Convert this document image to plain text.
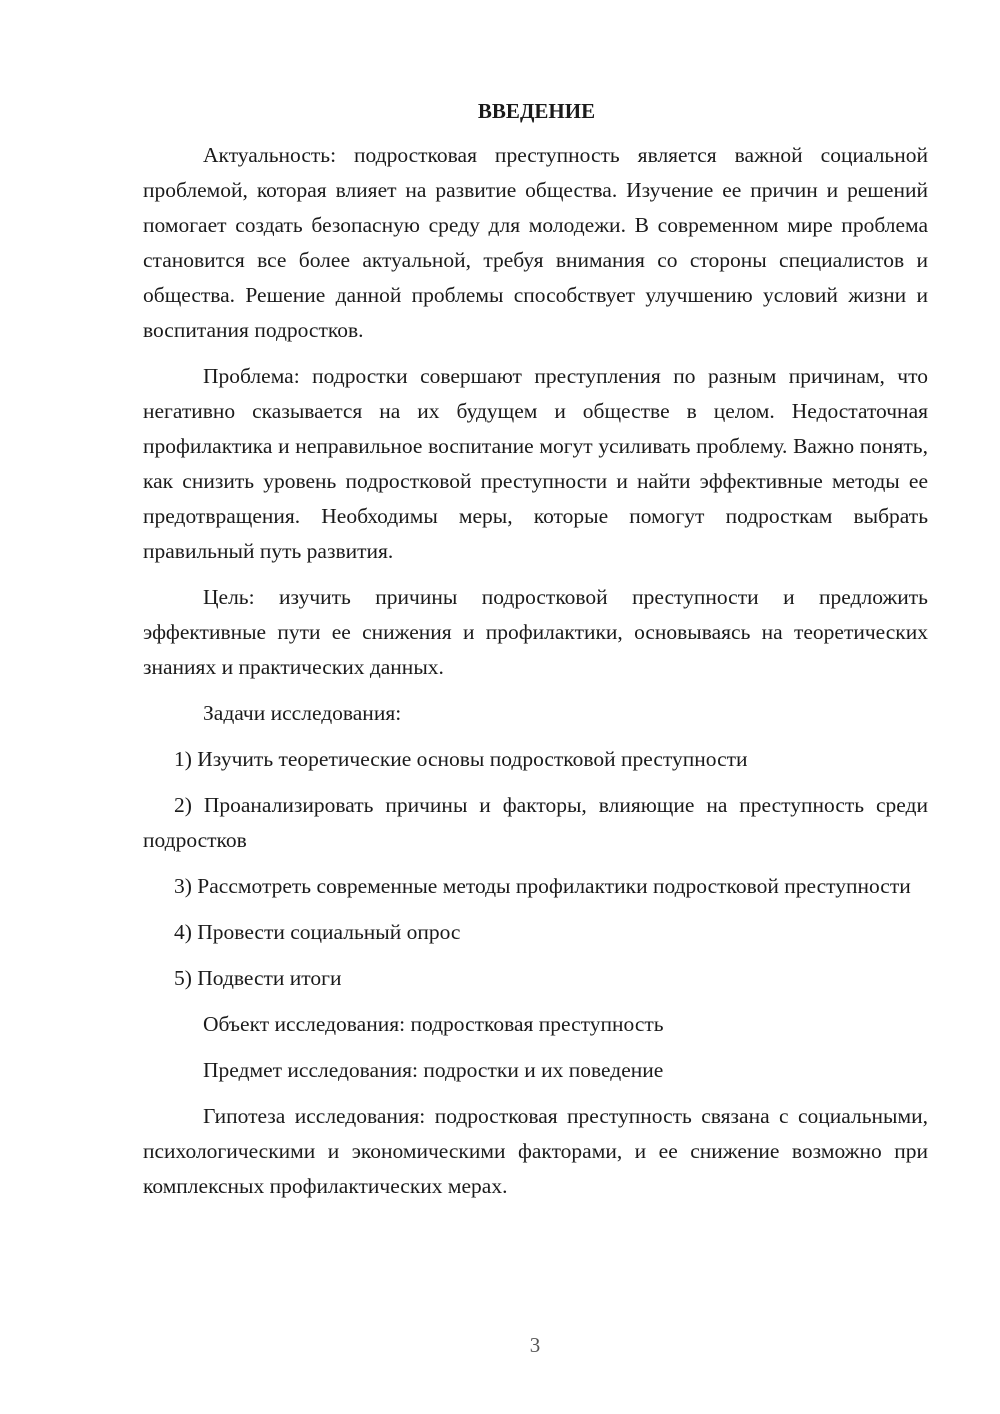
ВВЕДЕНИЕ

Актуальность: подростковая преступность является важной социальной проблемой, которая влияет на развитие общества. Изучение ее причин и решений помогает создать безопасную среду для молодежи. В современном мире проблема становится все более актуальной, требуя внимания со стороны специалистов и общества. Решение данной проблемы способствует улучшению условий жизни и воспитания подростков.

Проблема: подростки совершают преступления по разным причинам, что негативно сказывается на их будущем и обществе в целом. Недостаточная профилактика и неправильное воспитание могут усиливать проблему. Важно понять, как снизить уровень подростковой преступности и найти эффективные методы ее предотвращения. Необходимы меры, которые помогут подросткам выбрать правильный путь развития.

Цель: изучить причины подростковой преступности и предложить эффективные пути ее снижения и профилактики, основываясь на теоретических знаниях и практических данных.

Задачи исследования:

1) Изучить теоретические основы подростковой преступности

2) Проанализировать причины и факторы, влияющие на преступность среди подростков

3) Рассмотреть современные методы профилактики подростковой преступности

4) Провести социальный опрос

5) Подвести итоги

Объект исследования: подростковая преступность

Предмет исследования: подростки и их поведение

Гипотеза исследования: подростковая преступность связана с социальными, психологическими и экономическими факторами, и ее снижение возможно при комплексных профилактических мерах.

3
